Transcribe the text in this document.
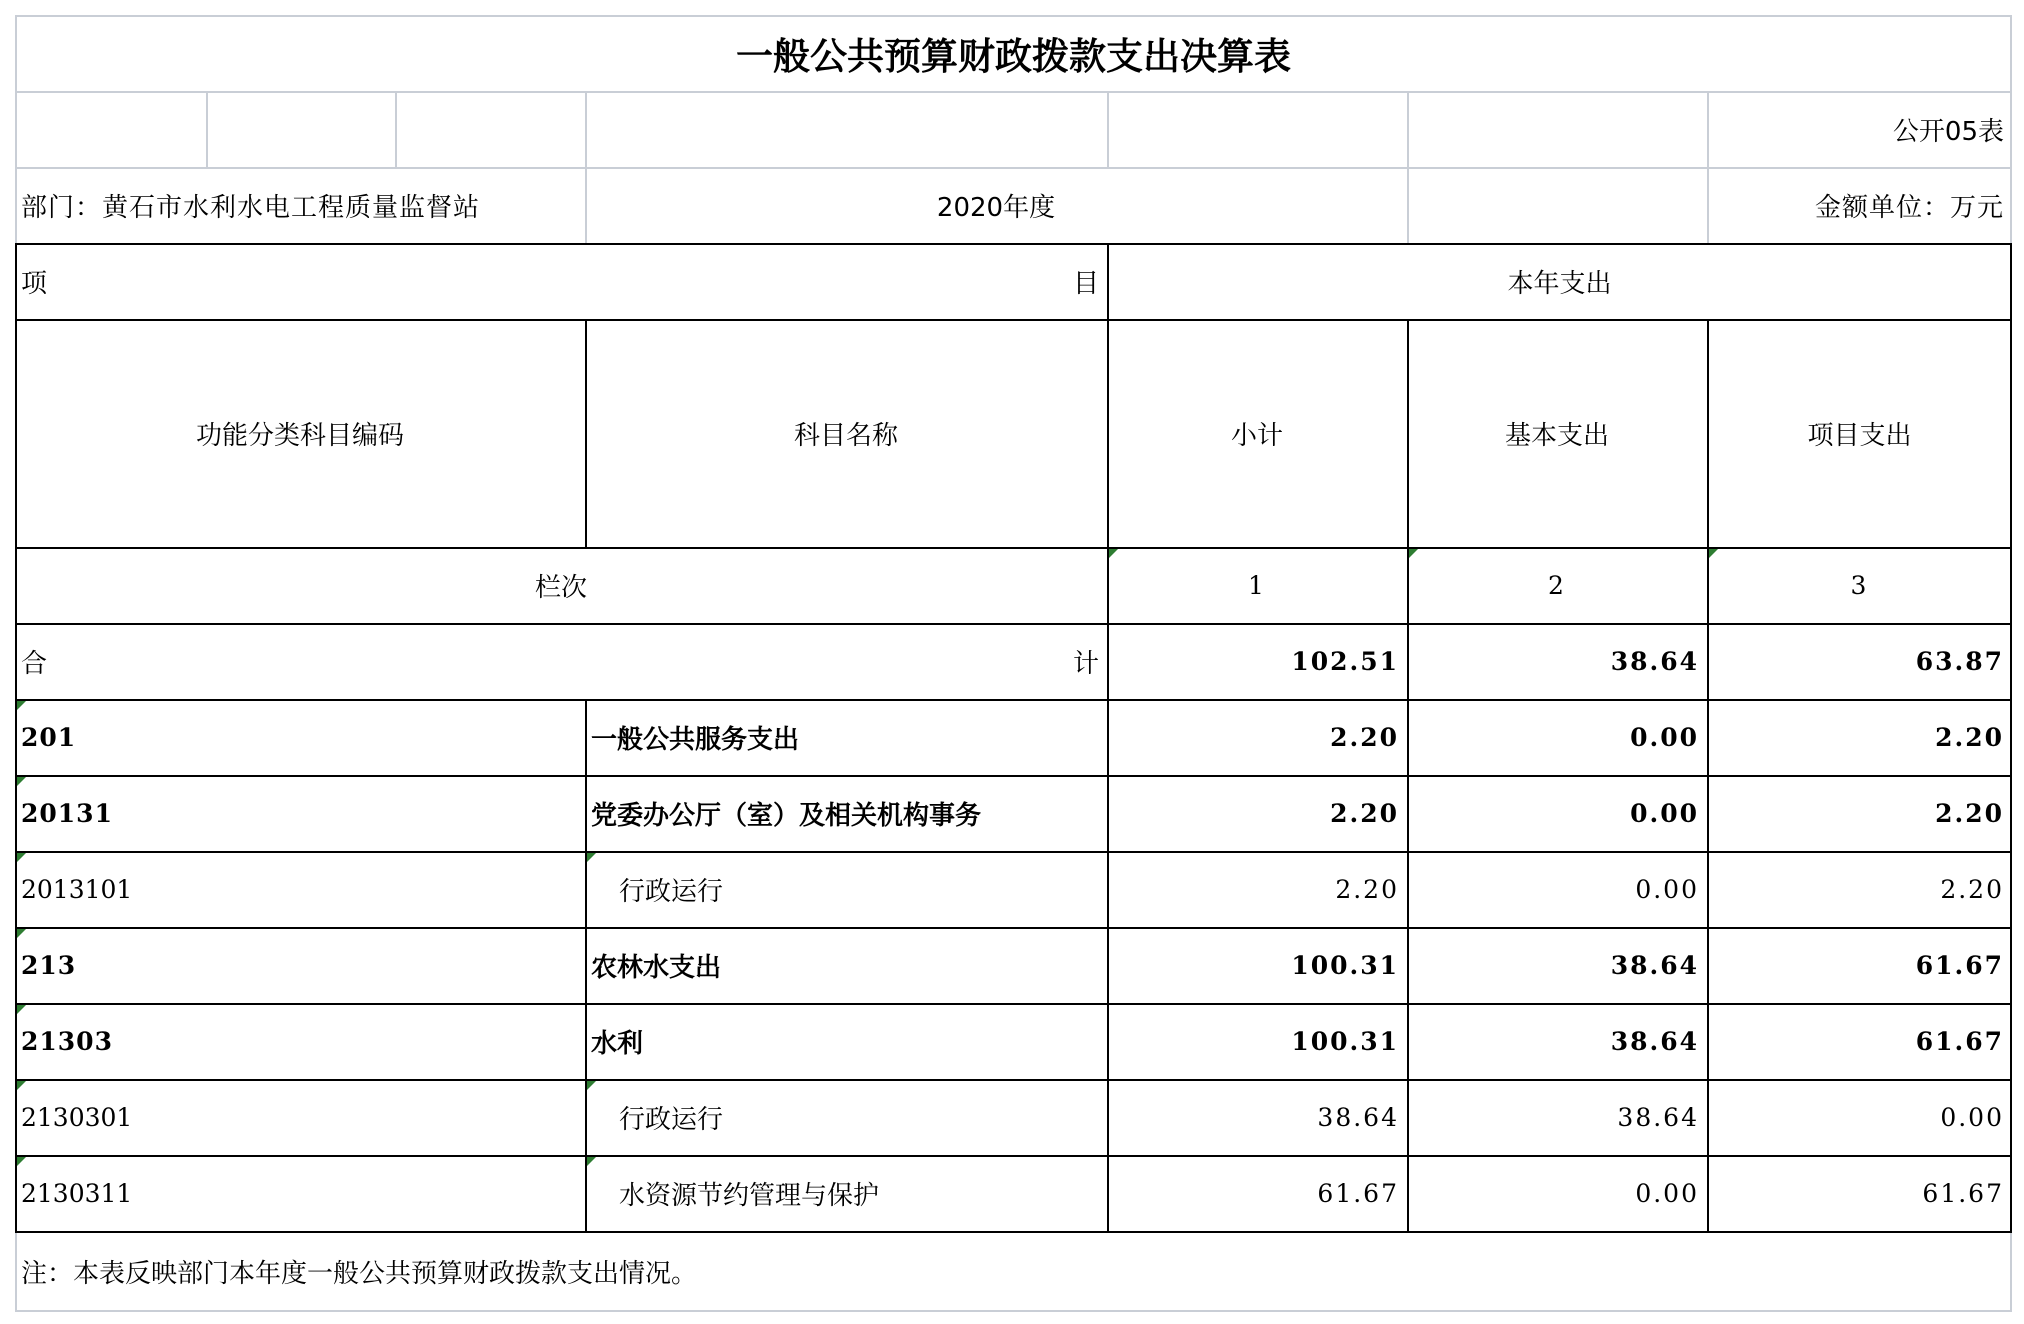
一般公共预算财政拨款支出决算表
公开05表
部门：黄石市水利水电工程质量监督站	2020年度	金额单位：万元
项	目	本年支出
功能分类科目编码	科目名称	小计	基本支出	项目支出
栏次	1	2	3
合	计	102.51	38.64	63.87
201	一般公共服务支出	2.20	0.00	2.20
20131	党委办公厅（室）及相关机构事务	2.20	0.00	2.20
2013101	行政运行	2.20	0.00	2.20
213	农林水支出	100.31	38.64	61.67
21303	水利	100.31	38.64	61.67
2130301	行政运行	38.64	38.64	0.00
2130311	水资源节约管理与保护	61.67	0.00	61.67
注：本表反映部门本年度一般公共预算财政拨款支出情况。
